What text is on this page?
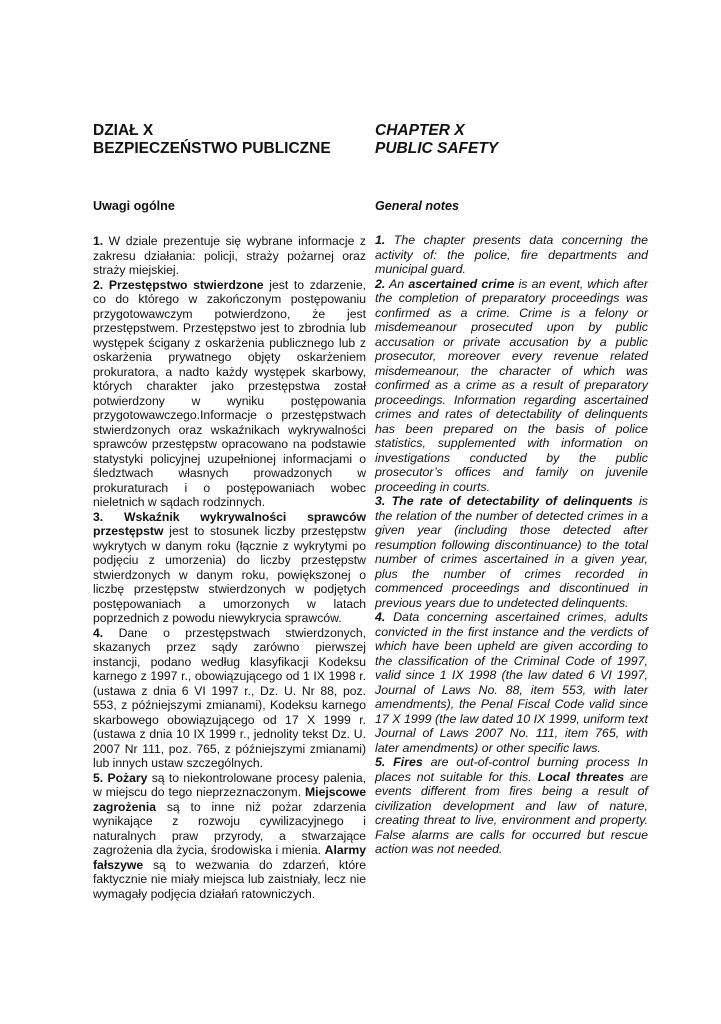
DZIAŁ X
BEZPIECZEŃSTWO PUBLICZNE
Uwagi ogólne

1. W dziale prezentuje się wybrane informacje z zakresu działania: policji, straży pożarnej oraz straży miejskiej.

2. Przestępstwo stwierdzone jest to zdarzenie, co do którego w zakończonym postępowaniu przygotowawczym potwierdzono, że jest przestępstwem. Przestępstwo jest to zbrodnia lub występek ścigany z oskarżenia publicznego lub z oskarżenia prywatnego objęty oskarżeniem prokuratora, a nadto każdy występek skarbowy, których charakter jako przestępstwa został potwierdzony w wyniku postępowania przygotowawczego.Informacje o przestępstwach stwierdzonych oraz wskaźnikach wykrywalności sprawców przestępstw opracowano na podstawie statystyki policyjnej uzupełnionej informacjami o śledztwach własnych prowadzonych w prokuraturach i o postępowaniach wobec nieletnich w sądach rodzinnych.

3. Wskaźnik wykrywalności sprawców przestępstw jest to stosunek liczby przestępstw wykrytych w danym roku (łącznie z wykrytymi po podjęciu z umorzenia) do liczby przestępstw stwierdzonych w danym roku, powiększonej o liczbę przestępstw stwierdzonych w podjętych postępowaniach a umorzonych w latach poprzednich z powodu niewykrycia sprawców.

4. Dane o przestępstwach stwierdzonych, skazanych przez sądy zarówno pierwszej instancji, podano według klasyfikacji Kodeksu karnego z 1997 r., obowiązującego od 1 IX 1998 r. (ustawa z dnia 6 VI 1997 r., Dz. U. Nr 88, poz. 553, z późniejszymi zmianami), Kodeksu karnego skarbowego obowiązującego od 17 X 1999 r. (ustawa z dnia 10 IX 1999 r., jednolity tekst Dz. U. 2007 Nr 111, poz. 765, z późniejszymi zmianami) lub innych ustaw szczególnych.

5. Pożary są to niekontrolowane procesy palenia, w miejscu do tego nieprzeznaczonym. Miejscowe zagrożenia są to inne niż pożar zdarzenia wynikające z rozwoju cywilizacyjnego i naturalnych praw przyrody, a stwarzające zagrożenia dla życia, środowiska i mienia. Alarmy fałszywe są to wezwania do zdarzeń, które faktycznie nie miały miejsca lub zaistniały, lecz nie wymagały podjęcia działań ratowniczych.

CHAPTER X
PUBLIC SAFETY
General notes

1. The chapter presents data concerning the activity of: the police, fire departments and municipal guard.

2. An ascertained crime is an event, which after the completion of preparatory proceedings was confirmed as a crime. Crime is a felony or misdemeanour prosecuted upon by public accusation or private accusation by a public prosecutor, moreover every revenue related misdemeanour, the character of which was confirmed as a crime as a result of preparatory proceedings. Information regarding ascertained crimes and rates of detectability of delinquents has been prepared on the basis of police statistics, supplemented with information on investigations conducted by the public prosecutor’s offices and family on juvenile proceeding in courts.

3. The rate of detectability of delinquents is the relation of the number of detected crimes in a given year (including those detected after resumption following discontinuance) to the total number of crimes ascertained in a given year, plus the number of crimes recorded in commenced proceedings and discontinued in previous years due to undetected delinquents.

4. Data concerning ascertained crimes, adults convicted in the first instance and the verdicts of which have been upheld are given according to the classification of the Criminal Code of 1997, valid since 1 IX 1998 (the law dated 6 VI 1997, Journal of Laws No. 88, item 553, with later amendments), the Penal Fiscal Code valid since 17 X 1999 (the law dated 10 IX 1999, uniform text Journal of Laws 2007 No. 111, item 765, with later amendments) or other specific laws.

5. Fires are out-of-control burning process In places not suitable for this. Local threates are events different from fires being a result of civilization development and law of nature, creating threat to live, environment and property. False alarms are calls for occurred but rescue action was not needed.
